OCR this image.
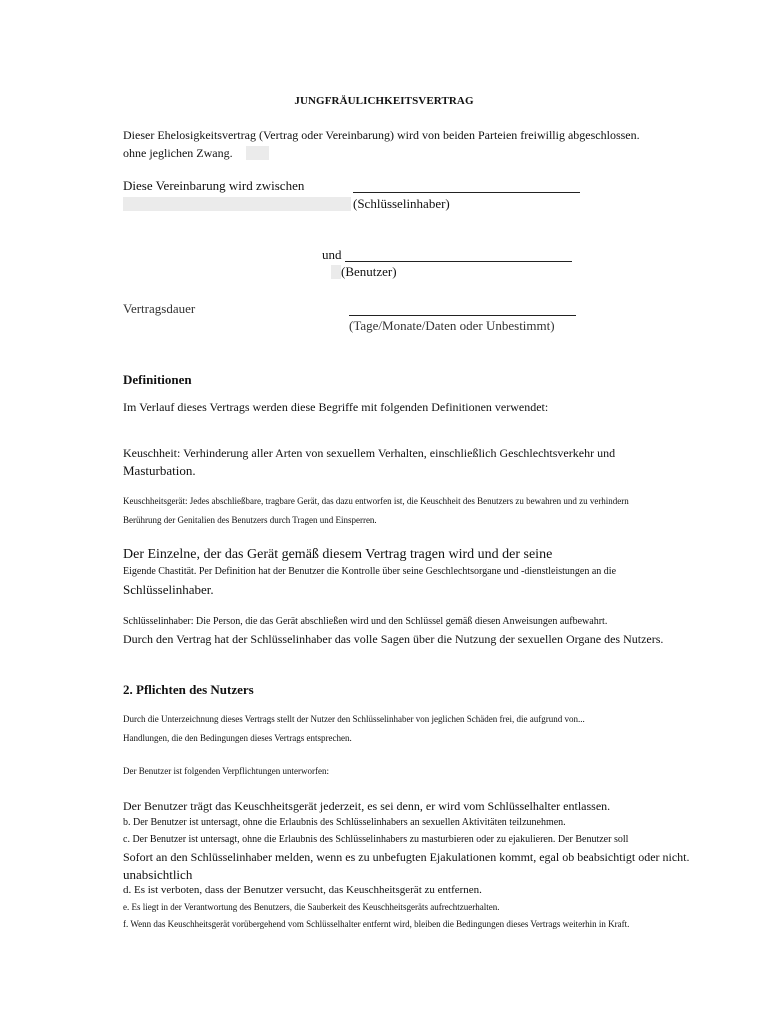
JUNGFRÄULICHKEITSVERTRAG
Dieser Ehelosigkeitsvertrag (Vertrag oder Vereinbarung) wird von beiden Parteien freiwillig abgeschlossen.
ohne jeglichen Zwang.
Diese Vereinbarung wird zwischen
(Schlüsselinhaber)
und
(Benutzer)
Vertragsdauer
(Tage/Monate/Daten oder Unbestimmt)
Definitionen
Im Verlauf dieses Vertrags werden diese Begriffe mit folgenden Definitionen verwendet:
Keuschheit: Verhinderung aller Arten von sexuellem Verhalten, einschließlich Geschlechtsverkehr und
Masturbation.
Keuschheitsgerät: Jedes abschließbare, tragbare Gerät, das dazu entworfen ist, die Keuschheit des Benutzers zu bewahren und zu verhindern
Berührung der Genitalien des Benutzers durch Tragen und Einsperren.
Der Einzelne, der das Gerät gemäß diesem Vertrag tragen wird und der seine
Eigende Chastität. Per Definition hat der Benutzer die Kontrolle über seine Geschlechtsorgane und -dienstleistungen an die
Schlüsselinhaber.
Schlüsselinhaber: Die Person, die das Gerät abschließen wird und den Schlüssel gemäß diesen Anweisungen aufbewahrt.
Durch den Vertrag hat der Schlüsselinhaber das volle Sagen über die Nutzung der sexuellen Organe des Nutzers.
2. Pflichten des Nutzers
Durch die Unterzeichnung dieses Vertrags stellt der Nutzer den Schlüsselinhaber von jeglichen Schäden frei, die aufgrund von...
Handlungen, die den Bedingungen dieses Vertrags entsprechen.
Der Benutzer ist folgenden Verpflichtungen unterworfen:
Der Benutzer trägt das Keuschheitsgerät jederzeit, es sei denn, er wird vom Schlüsselhalter entlassen.
b. Der Benutzer ist untersagt, ohne die Erlaubnis des Schlüsselinhabers an sexuellen Aktivitäten teilzunehmen.
c. Der Benutzer ist untersagt, ohne die Erlaubnis des Schlüsselinhabers zu masturbieren oder zu ejakulieren. Der Benutzer soll
Sofort an den Schlüsselinhaber melden, wenn es zu unbefugten Ejakulationen kommt, egal ob beabsichtigt oder nicht.
unabsichtlich
d. Es ist verboten, dass der Benutzer versucht, das Keuschheitsgerät zu entfernen.
e. Es liegt in der Verantwortung des Benutzers, die Sauberkeit des Keuschheitsgeräts aufrechtzuerhalten.
f. Wenn das Keuschheitsgerät vorübergehend vom Schlüsselhalter entfernt wird, bleiben die Bedingungen dieses Vertrags weiterhin in Kraft.
